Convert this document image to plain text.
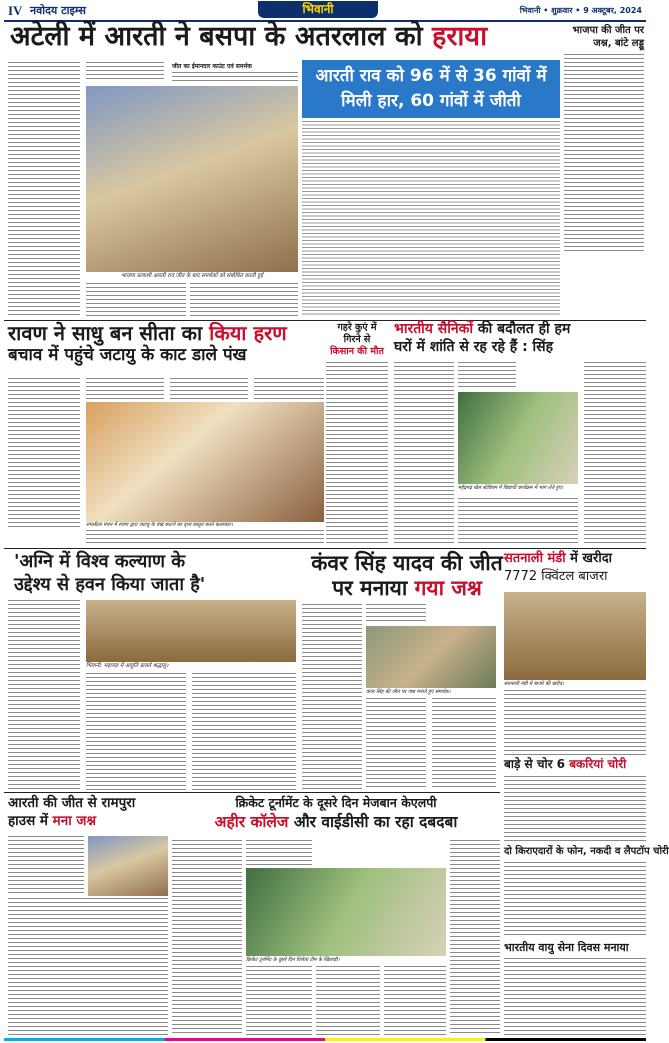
IV नवोदय टाइम्स	भिवानी	भिवानी • शुक्रवार • 9 अक्टूबर, 2024
अटेली में आरती ने बसपा के अतरलाल को हराया	भाजपा की जीत पर जश्न, बांटे लड्डू
भाजपा प्रत्याशी आरती राव जीत के बाद समर्थकों को संबोधित करती हुई
जीत का ईमानदार काउंट एवं समर्थक	आरती राव को 96 में से 36 गांवों में
मिली हार, 60 गांवों में जीती
रावण ने साधु बन सीता का किया हरण
बचाव में पहुंचे जटायु के काट डाले पंख
रामलीला मंचन में रावण द्वारा जटायु के पंख काटने का दृश्य प्रस्तुत करते कलाकार।
गहरे कुएं में
गिरने से
किसान की मौत
भारतीय सैनिकों की बदौलत ही हम
घरों में शांति से रह रहे हैं : सिंह
महेंद्रगढ़ खेल स्टेडियम में विद्यार्थी कार्यक्रम में भाग लेते हुए।
'अग्नि में विश्व कल्याण के
उद्देश्य से हवन किया जाता है'
भिवानी: महायज्ञ में आहुति डालते श्रद्धालु।
कंवर सिंह यादव की जीत
पर मनाया गया जश्न
कंवर सिंह की जीत पर जश्न मनाते हुए समर्थक।
सतनाली मंडी में खरीदा
7772 क्विंटल बाजरा
सतनाली मंडी में बाजरे की खरीद।
बाड़े से चोर 6 बकरियां चोरी
आरती की जीत से रामपुरा
हाउस में मना जश्न
क्रिकेट टूर्नामेंट के दूसरे दिन मेजबान केएलपी
अहीर कॉलेज और वाईडीसी का रहा दबदबा
क्रिकेट टूर्नामेंट के दूसरे दिन विजेता टीम के खिलाड़ी।
दो किराएदारों के फोन, नकदी व लैपटॉप चोरी
भारतीय वायु सेना दिवस मनाया
